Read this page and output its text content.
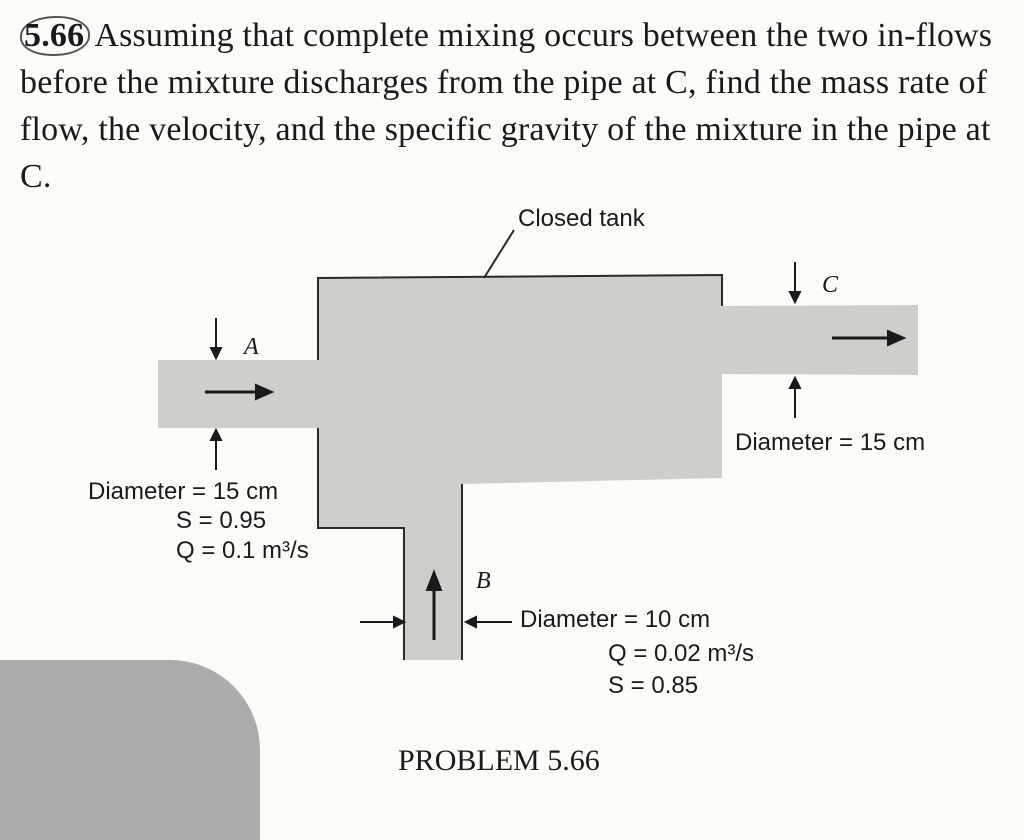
5.66 Assuming that complete mixing occurs between the two in-flows before the mixture discharges from the pipe at C, find the mass rate of flow, the velocity, and the specific gravity of the mixture in the pipe at C.
Closed tank
A
C
B
Diameter = 15 cm
Diameter = 15 cm
S = 0.95
Q = 0.1 m³/s
Diameter = 10 cm
Q = 0.02 m³/s
S = 0.85
PROBLEM 5.66
